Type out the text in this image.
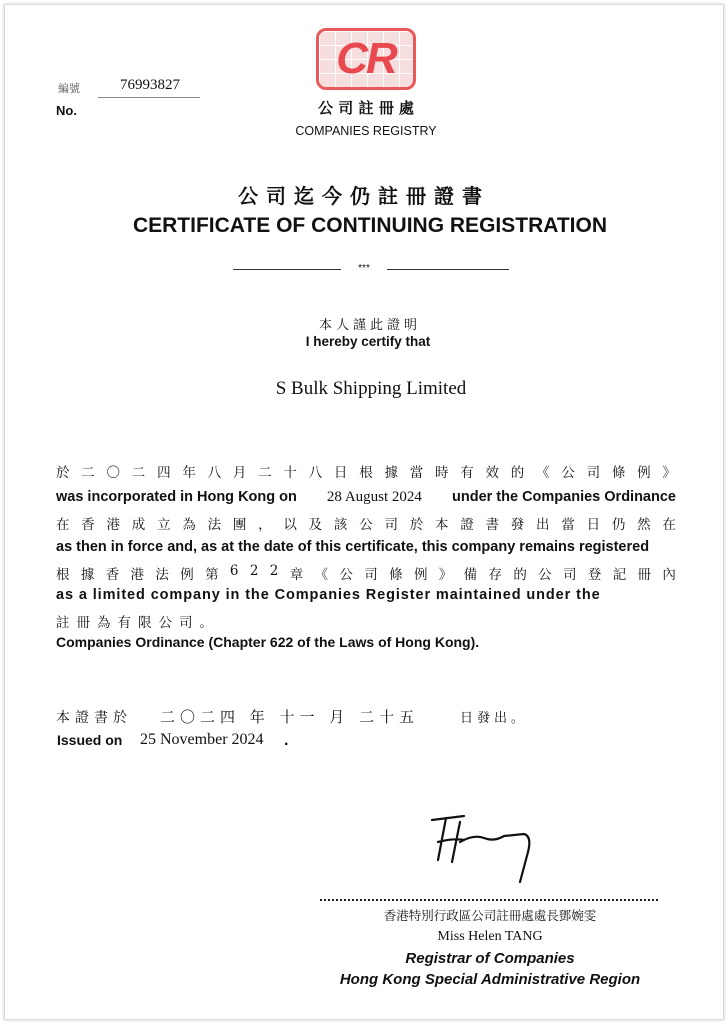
編號
No.
76993827
CR
公 司 註 冊 處
COMPANIES REGISTRY
公司迄今仍註冊證書
CERTIFICATE OF CONTINUING REGISTRATION
***
本人謹此證明
I hereby certify that
S Bulk Shipping Limited
於 二 〇 二 四 年 八 月 二 十 八 日 根 據 當 時 有 效 的 《 公 司 條 例 》
was incorporated in Hong Kong on 28 August 2024 under the Companies Ordinance
在 香 港 成 立 為 法 團 ， 以 及 該 公 司 於 本 證 書 發 出 當 日 仍 然 在
as then in force and, as at the date of this certificate, this company remains registered
根 據 香 港 法 例 第 6 2 2 章 《 公 司 條 例 》 備 存 的 公 司 登 記 冊 內
as a limited company in the Companies Register maintained under the
註冊為有限公司。
Companies Ordinance (Chapter 622 of the Laws of Hong Kong).
本證書於 二〇二四 年 十一 月 二十五	日發出。
Issued on 25 November 2024 .
香港特別行政區公司註冊處處長鄧婉雯
Miss Helen TANG
Registrar of Companies
Hong Kong Special Administrative Region
